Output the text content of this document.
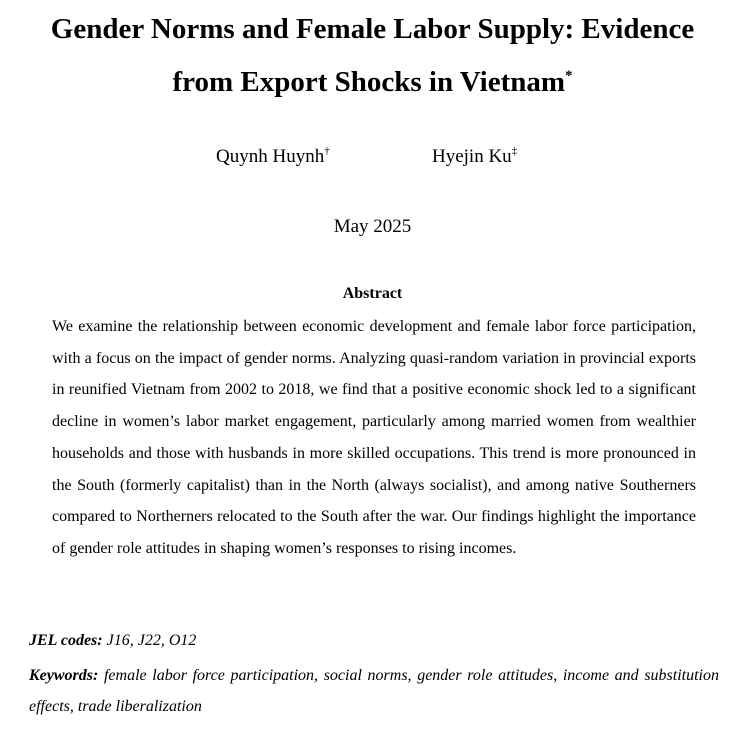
Gender Norms and Female Labor Supply: Evidence
from Export Shocks in Vietnam*
Quynh Huynh†	Hyejin Ku‡
May 2025
Abstract

We examine the relationship between economic development and female labor force participation, with a focus on the impact of gender norms. Analyzing quasi-random variation in provincial exports in reunified Vietnam from 2002 to 2018, we find that a positive economic shock led to a significant decline in women’s labor market engagement, particularly among married women from wealthier households and those with husbands in more skilled occupations. This trend is more pronounced in the South (formerly capitalist) than in the North (always socialist), and among native Southerners compared to Northerners relocated to the South after the war. Our findings highlight the importance of gender role attitudes in shaping women’s responses to rising incomes.

JEL codes: J16, J22, O12
Keywords: female labor force participation, social norms, gender role attitudes, income and substitution effects, trade liberalization
